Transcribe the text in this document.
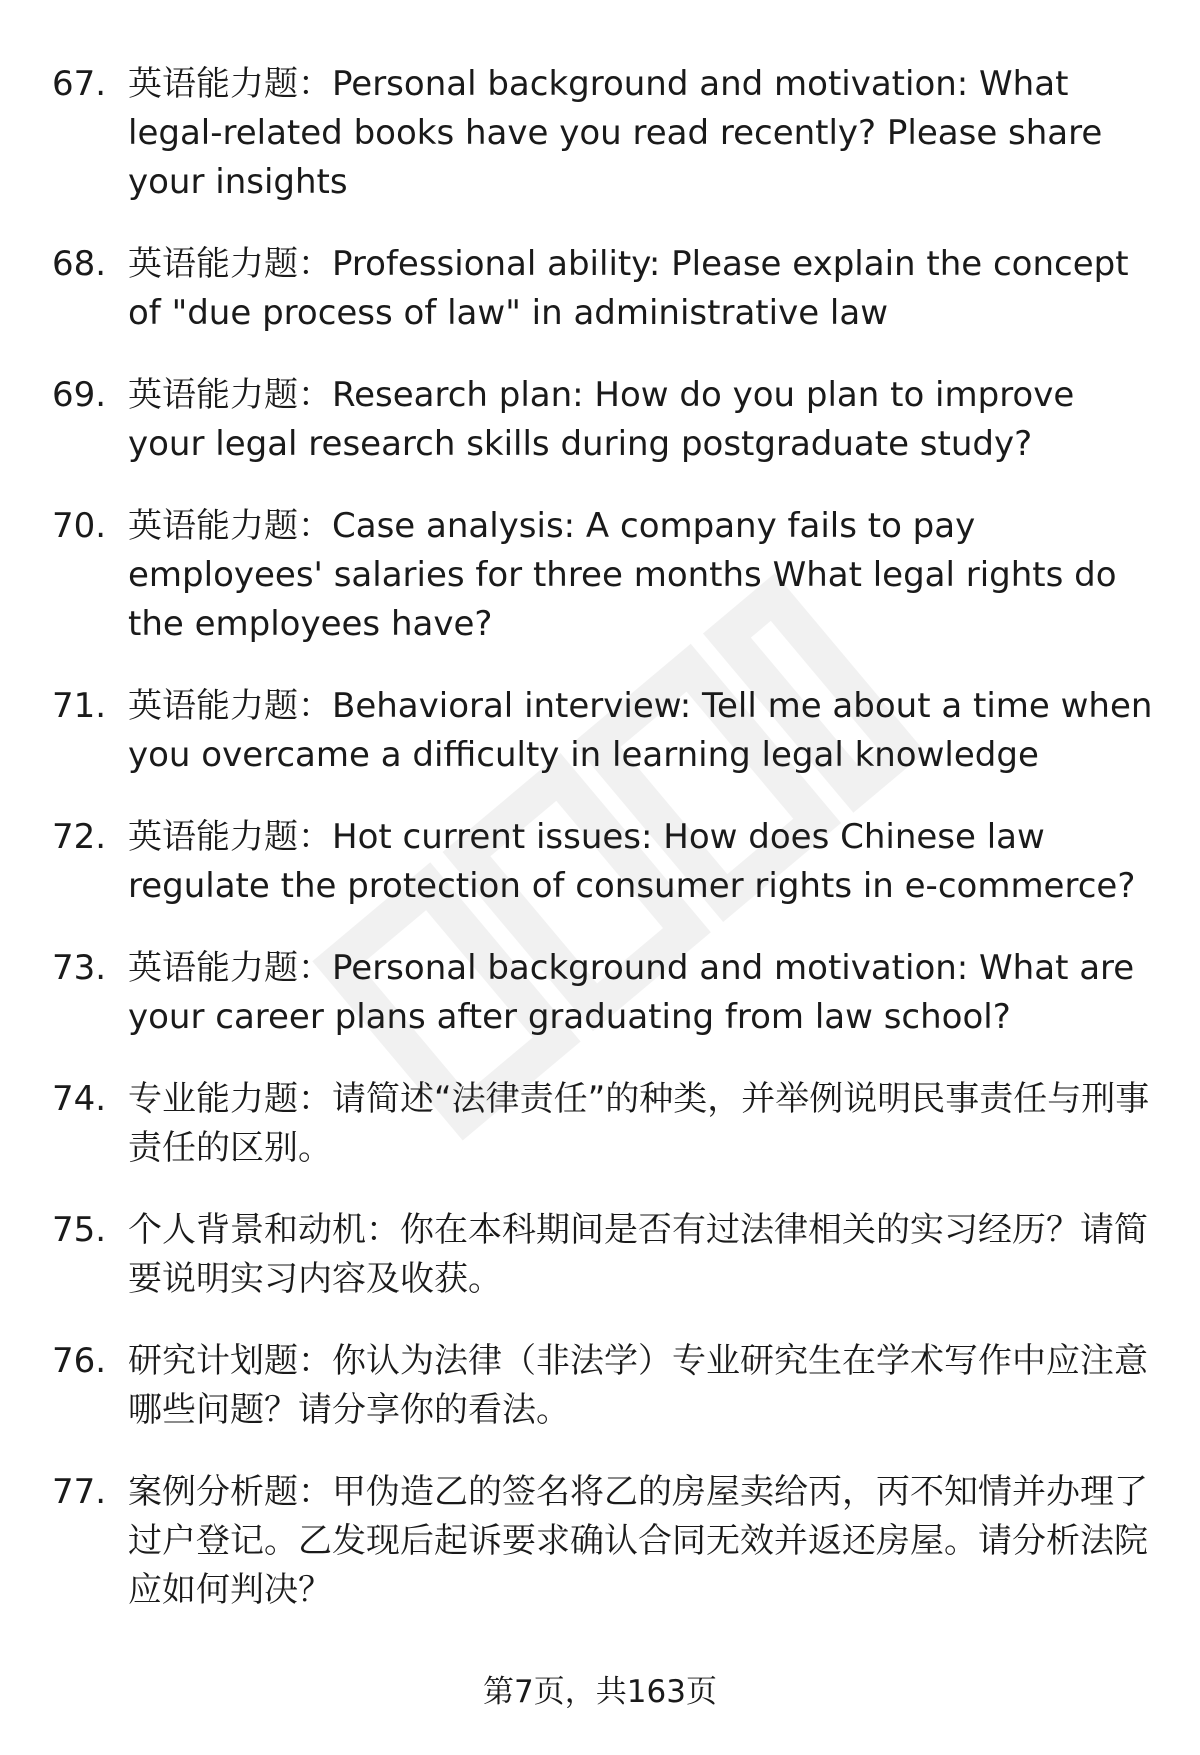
67. 英语能力题：Personal background and motivation: What legal-related books have you read recently? Please share your insights
68. 英语能力题：Professional ability: Please explain the concept of "due process of law" in administrative law
69. 英语能力题：Research plan: How do you plan to improve your legal research skills during postgraduate study?
70. 英语能力题：Case analysis: A company fails to pay employees' salaries for three months What legal rights do the employees have?
71. 英语能力题：Behavioral interview: Tell me about a time when you overcame a difficulty in learning legal knowledge
72. 英语能力题：Hot current issues: How does Chinese law regulate the protection of consumer rights in e-commerce?
73. 英语能力题：Personal background and motivation: What are your career plans after graduating from law school?
74. 专业能力题：请简述“法律责任”的种类，并举例说明民事责任与刑事责任的区别。
75. 个人背景和动机：你在本科期间是否有过法律相关的实习经历？请简要说明实习内容及收获。
76. 研究计划题：你认为法律（非法学）专业研究生在学术写作中应注意哪些问题？请分享你的看法。
77. 案例分析题：甲伪造乙的签名将乙的房屋卖给丙，丙不知情并办理了过户登记。乙发现后起诉要求确认合同无效并返还房屋。请分析法院应如何判决？
第7页，共163页
